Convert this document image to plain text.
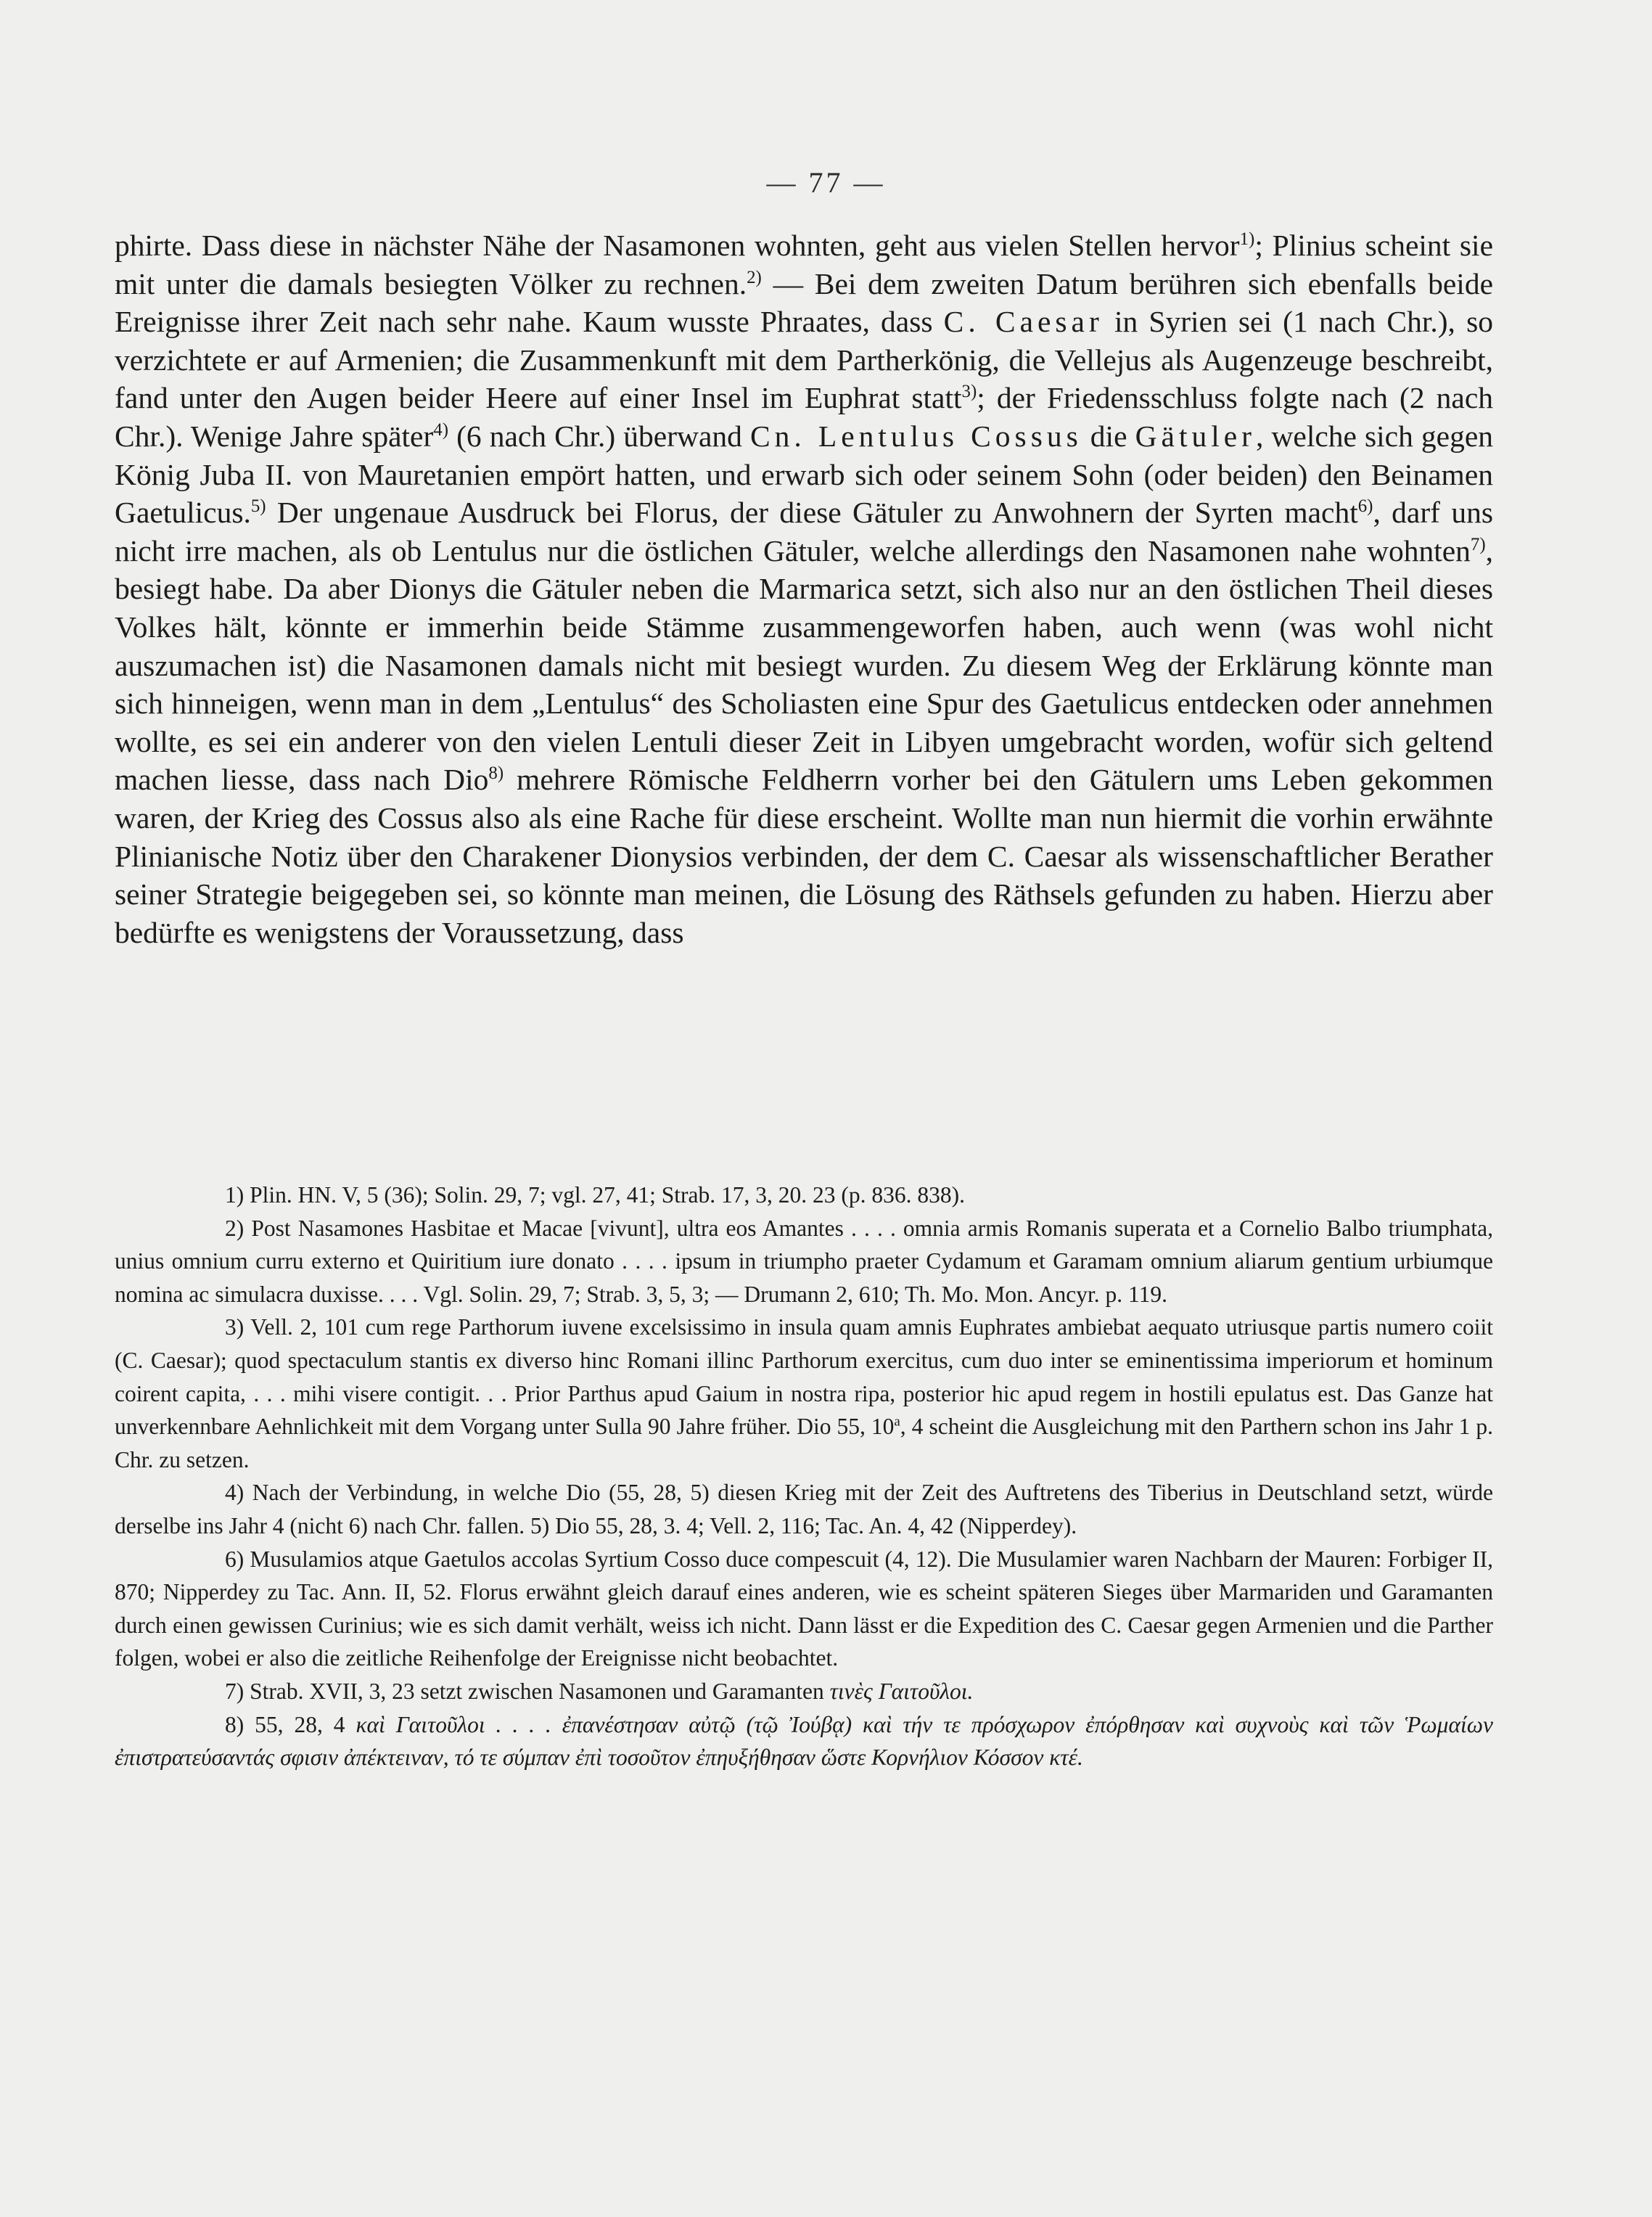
— 77 —

phirte. Dass diese in nächster Nähe der Nasamonen wohnten, geht aus vielen Stellen hervor$^{1)}$; Plinius scheint sie mit unter die damals besiegten Völker zu rechnen.$^{2)}$ — Bei dem zweiten Datum berühren sich ebenfalls beide Ereignisse ihrer Zeit nach sehr nahe. Kaum wusste Phraates, dass C. Caesar in Syrien sei (1 nach Chr.), so verzichtete er auf Armenien; die Zusammenkunft mit dem Partherkönig, die Vellejus als Augenzeuge beschreibt, fand unter den Augen beider Heere auf einer Insel im Euphrat statt$^{3)}$; der Friedensschluss folgte nach (2 nach Chr.). Wenige Jahre später$^{4)}$ (6 nach Chr.) überwand Cn. Lentulus Cossus die Gätuler, welche sich gegen König Juba II. von Mauretanien empört hatten, und erwarb sich oder seinem Sohn (oder beiden) den Beinamen Gaetulicus.$^{5)}$ Der ungenaue Ausdruck bei Florus, der diese Gätuler zu Anwohnern der Syrten macht$^{6)}$, darf uns nicht irre machen, als ob Lentulus nur die östlichen Gätuler, welche allerdings den Nasamonen nahe wohnten$^{7)}$, besiegt habe. Da aber Dionys die Gätuler neben die Marmarica setzt, sich also nur an den östlichen Theil dieses Volkes hält, könnte er immerhin beide Stämme zusammengeworfen haben, auch wenn (was wohl nicht auszumachen ist) die Nasamonen damals nicht mit besiegt wurden. Zu diesem Weg der Erklärung könnte man sich hinneigen, wenn man in dem „Lentulus“ des Scholiasten eine Spur des Gaetulicus entdecken oder annehmen wollte, es sei ein anderer von den vielen Lentuli dieser Zeit in Libyen umgebracht worden, wofür sich geltend machen liesse, dass nach Dio$^{8)}$ mehrere Römische Feldherrn vorher bei den Gätulern ums Leben gekommen waren, der Krieg des Cossus also als eine Rache für diese erscheint. Wollte man nun hiermit die vorhin erwähnte Plinianische Notiz über den Charakener Dionysios verbinden, der dem C. Caesar als wissenschaftlicher Berather seiner Strategie beigegeben sei, so könnte man meinen, die Lösung des Räthsels gefunden zu haben. Hierzu aber bedürfte es wenigstens der Voraussetzung, dass

1) Plin. HN. V, 5 (36); Solin. 29, 7; vgl. 27, 41; Strab. 17, 3, 20. 23 (p. 836. 838).

2) Post Nasamones Hasbitae et Macae [vivunt], ultra eos Amantes . . . . omnia armis Romanis superata et a Cornelio Balbo triumphata, unius omnium curru externo et Quiritium iure donato . . . . ipsum in triumpho praeter Cydamum et Garamam omnium aliarum gentium urbiumque nomina ac simulacra duxisse. . . . Vgl. Solin. 29, 7; Strab. 3, 5, 3; — Drumann 2, 610; Th. Mo. Mon. Ancyr. p. 119.

3) Vell. 2, 101 cum rege Parthorum iuvene excelsissimo in insula quam amnis Euphrates ambiebat aequato utriusque partis numero coiit (C. Caesar); quod spectaculum stantis ex diverso hinc Romani illinc Parthorum exercitus, cum duo inter se eminentissima imperiorum et hominum coirent capita, . . . mihi visere contigit. . . Prior Parthus apud Gaium in nostra ripa, posterior hic apud regem in hostili epulatus est. Das Ganze hat unverkennbare Aehnlichkeit mit dem Vorgang unter Sulla 90 Jahre früher. Dio 55, 10$^a$, 4 scheint die Ausgleichung mit den Parthern schon ins Jahr 1 p. Chr. zu setzen.

4) Nach der Verbindung, in welche Dio (55, 28, 5) diesen Krieg mit der Zeit des Auftretens des Tiberius in Deutschland setzt, würde derselbe ins Jahr 4 (nicht 6) nach Chr. fallen. 5) Dio 55, 28, 3. 4; Vell. 2, 116; Tac. An. 4, 42 (Nipperdey).

6) Musulamios atque Gaetulos accolas Syrtium Cosso duce compescuit (4, 12). Die Musulamier waren Nachbarn der Mauren: Forbiger II, 870; Nipperdey zu Tac. Ann. II, 52. Florus erwähnt gleich darauf eines anderen, wie es scheint späteren Sieges über Marmariden und Garamanten durch einen gewissen Curinius; wie es sich damit verhält, weiss ich nicht. Dann lässt er die Expedition des C. Caesar gegen Armenien und die Parther folgen, wobei er also die zeitliche Reihenfolge der Ereignisse nicht beobachtet.

7) Strab. XVII, 3, 23 setzt zwischen Nasamonen und Garamanten τινὲς Γαιτοῦλοι.

8) 55, 28, 4 καὶ Γαιτοῦλοι . . . . ἐπανέστησαν αὐτῷ (τῷ Ἰούβᾳ) καὶ τήν τε πρόσχωρον ἐπόρθησαν καὶ συχνοὺς καὶ τῶν Ῥωμαίων ἐπιστρατεύσαντάς σφισιν ἀπέκτειναν, τό τε σύμπαν ἐπὶ τοσοῦτον ἐπηυξήθησαν ὥστε Κορνήλιον Κόσσον κτέ.
